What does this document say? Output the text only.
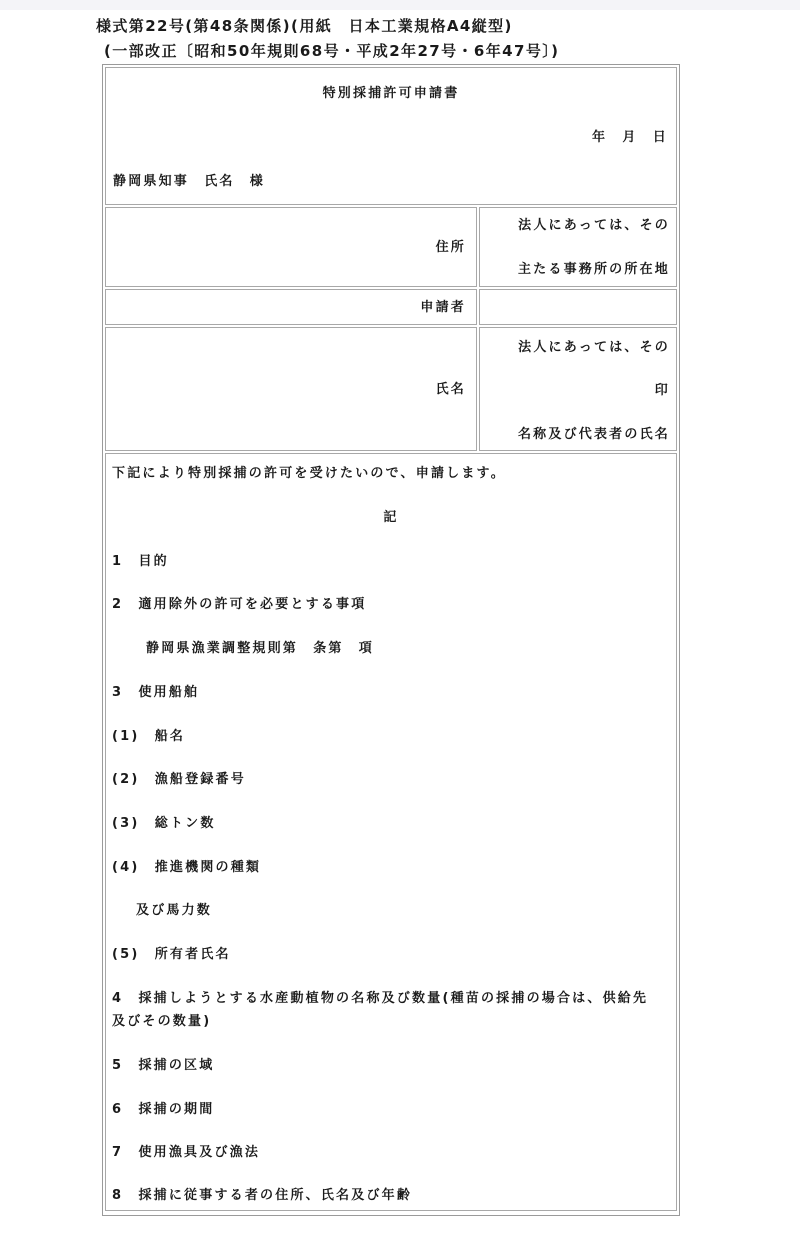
様式第22号(第48条関係)(用紙　日本工業規格A4縦型)
(一部改正〔昭和50年規則68号・平成2年27号・6年47号〕)
特別採捕許可申請書
年　月　日
静岡県知事　氏名　様
住所
法人にあっては、その
主たる事務所の所在地
申請者
氏名
法人にあっては、その
印
名称及び代表者の氏名
下記により特別採捕の許可を受けたいので、申請します。
記
1　目的
2　適用除外の許可を必要とする事項
静岡県漁業調整規則第　条第　項
3　使用船舶
(1)　船名
(2)　漁船登録番号
(3)　総トン数
(4)　推進機関の種類
及び馬力数
(5)　所有者氏名
4　採捕しようとする水産動植物の名称及び数量(種苗の採捕の場合は、供給先
及びその数量)
5　採捕の区域
6　採捕の期間
7　使用漁具及び漁法
8　採捕に従事する者の住所、氏名及び年齢
